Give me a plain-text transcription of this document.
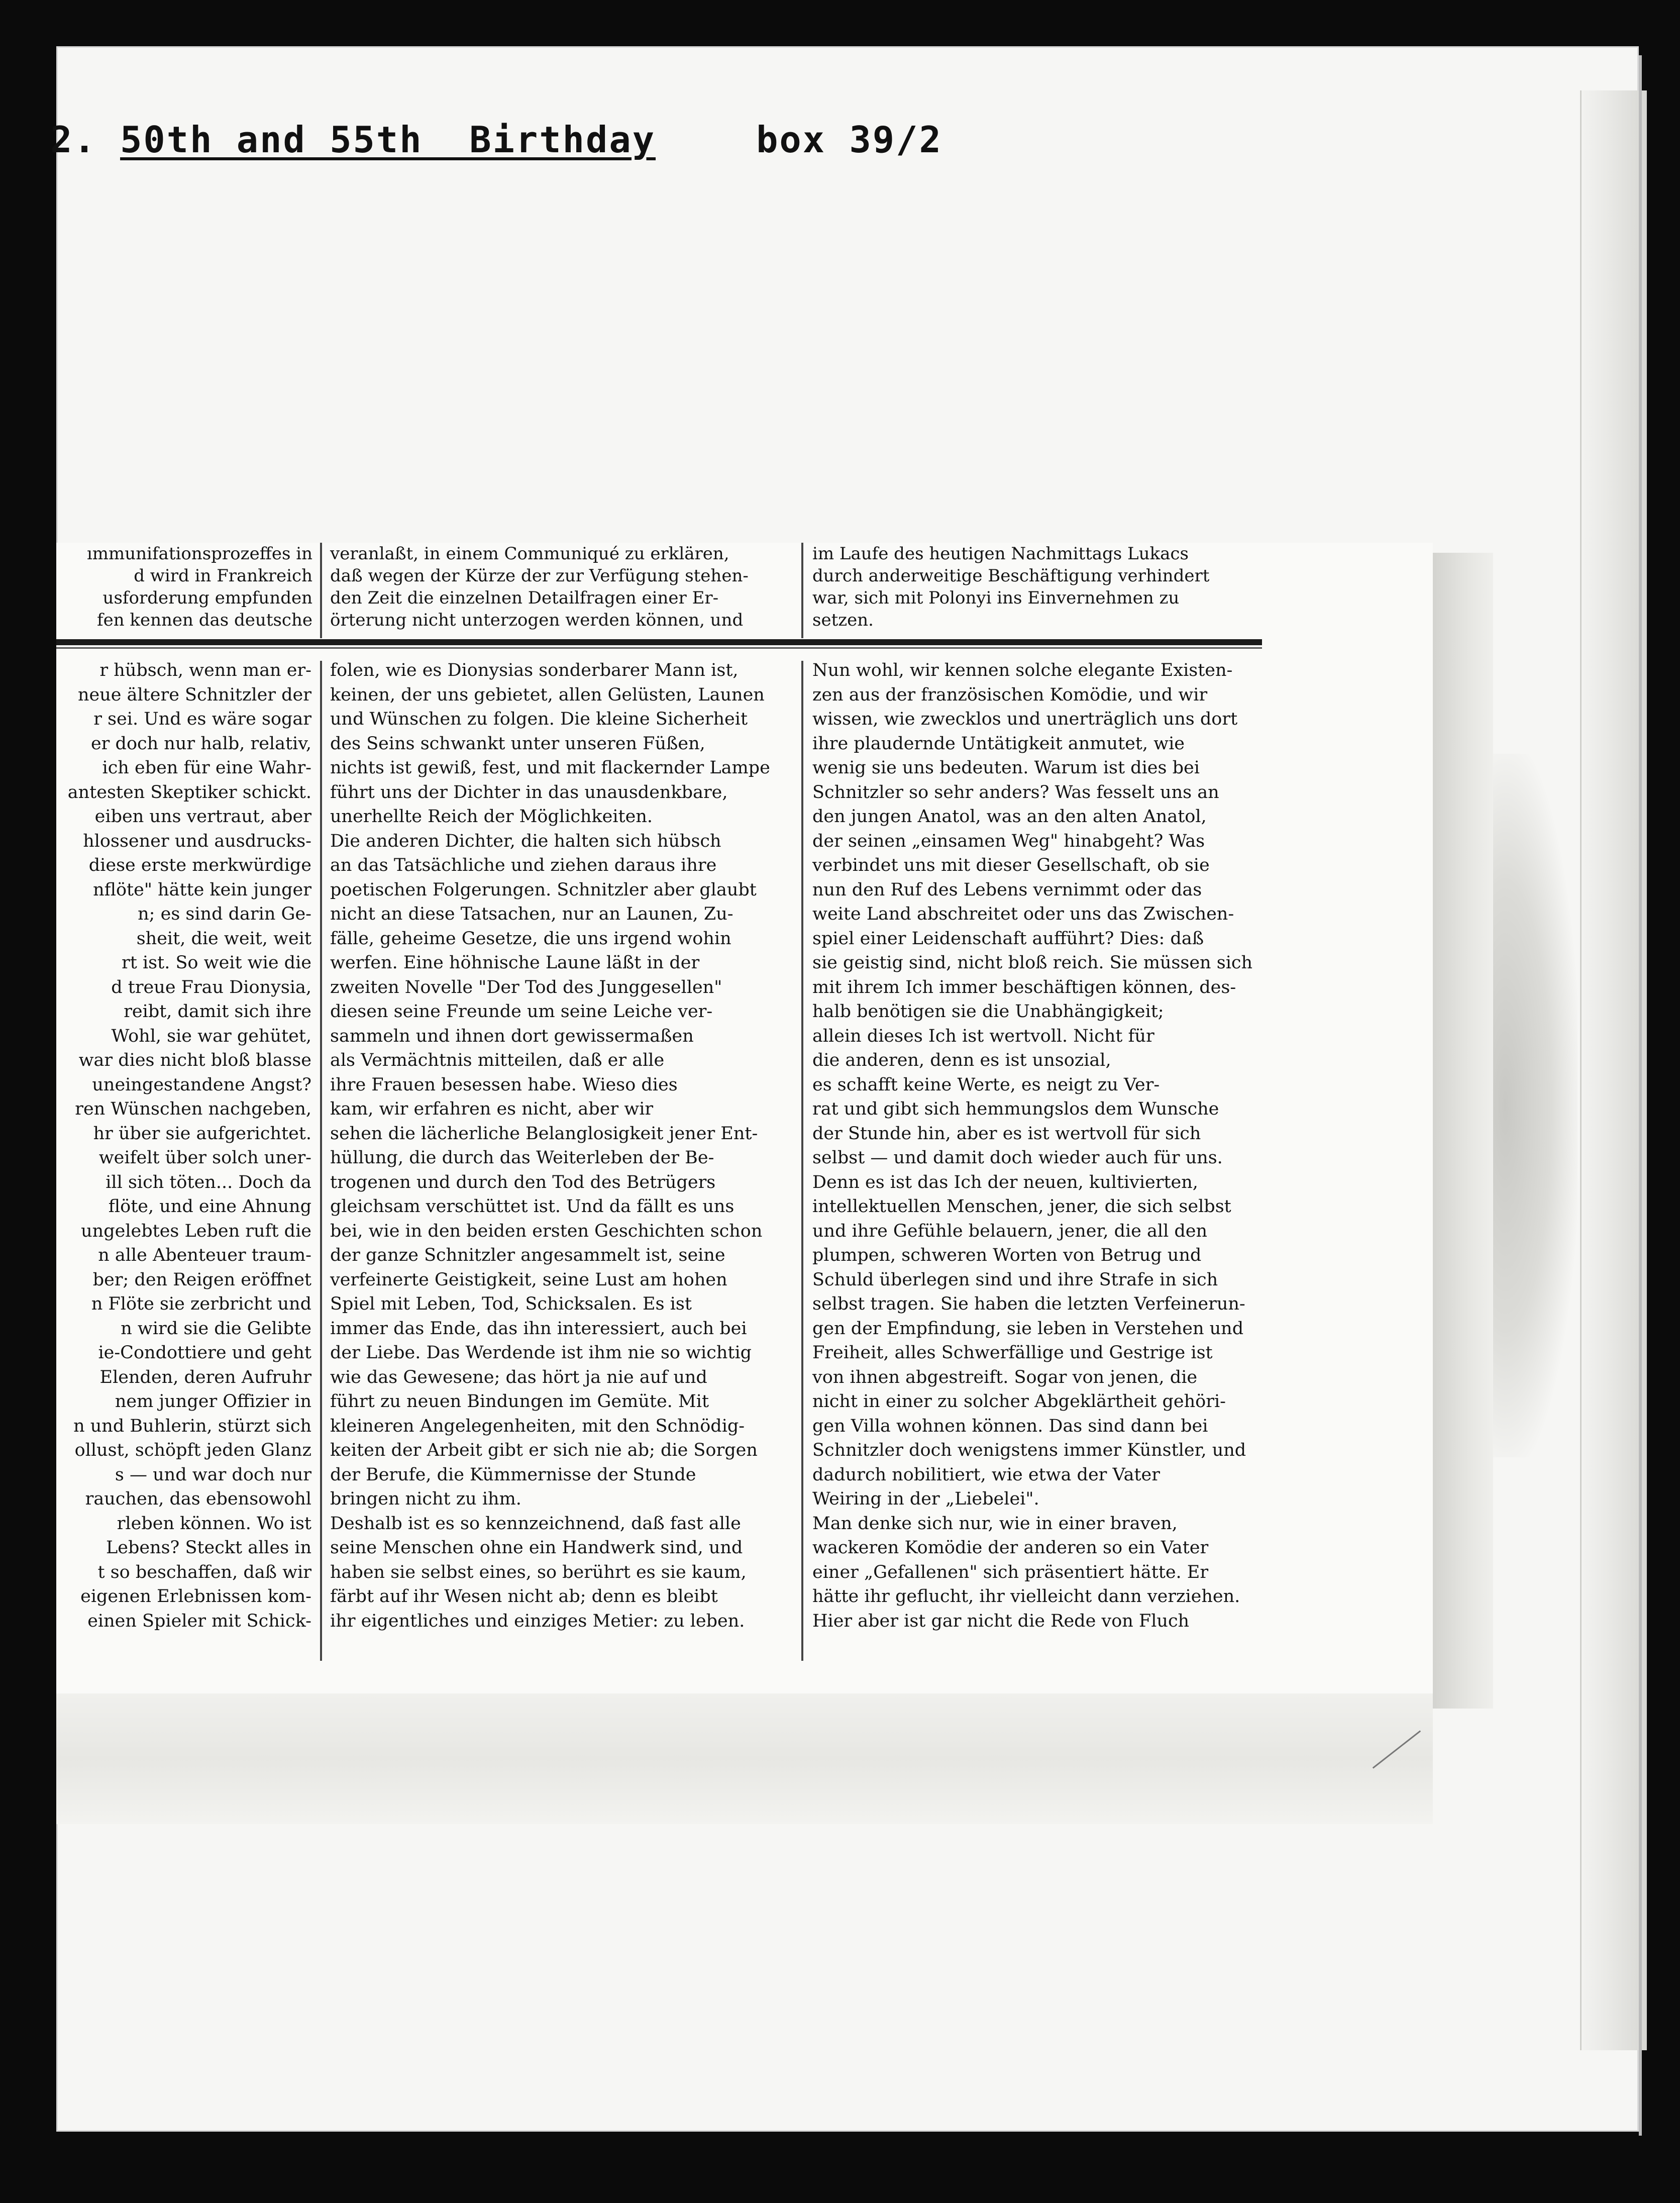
2. 50th and 55th  Birthday	box 39/2
ımmunifationsprozeffes in
d wird in Frankreich
usforderung empfunden
fen kennen das deutsche
veranlaßt, in einem Communiqué zu erklären,
daß wegen der Kürze der zur Verfügung stehen-
den Zeit die einzelnen Detailfragen einer Er-
örterung nicht unterzogen werden können, und
im Laufe des heutigen Nachmittags Lukacs
durch anderweitige Beschäftigung verhindert
war, sich mit Polonyi ins Einvernehmen zu
setzen.
r hübsch, wenn man er-
neue ältere Schnitzler der
r sei. Und es wäre sogar
er doch nur halb, relativ,
ich eben für eine Wahr-
antesten Skeptiker schickt.
eiben uns vertraut, aber
hlossener und ausdrucks-
diese erste merkwürdige
nflöte" hätte kein junger
n; es sind darin Ge-
sheit, die weit, weit
rt ist. So weit wie die
d treue Frau Dionysia,
reibt, damit sich ihre
Wohl, sie war gehütet,
war dies nicht bloß blasse
uneingestandene Angst?
ren Wünschen nachgeben,
hr über sie aufgerichtet.
weifelt über solch uner-
ill sich töten... Doch da
flöte, und eine Ahnung
ungelebtes Leben ruft die
n alle Abenteuer traum-
ber; den Reigen eröffnet
n Flöte sie zerbricht und
n wird sie die Gelibte
ie-Condottiere und geht
Elenden, deren Aufruhr
nem junger Offizier in
n und Buhlerin, stürzt sich
ollust, schöpft jeden Glanz
s — und war doch nur
rauchen, das ebensowohl
rleben können. Wo ist
Lebens? Steckt alles in
t so beschaffen, daß wir
eigenen Erlebnissen kom-
einen Spieler mit Schick-
folen, wie es Dionysias sonderbarer Mann ist,
keinen, der uns gebietet, allen Gelüsten, Launen
und Wünschen zu folgen. Die kleine Sicherheit
des Seins schwankt unter unseren Füßen,
nichts ist gewiß, fest, und mit flackernder Lampe
führt uns der Dichter in das unausdenkbare,
unerhellte Reich der Möglichkeiten.
Die anderen Dichter, die halten sich hübsch
an das Tatsächliche und ziehen daraus ihre
poetischen Folgerungen. Schnitzler aber glaubt
nicht an diese Tatsachen, nur an Launen, Zu-
fälle, geheime Gesetze, die uns irgend wohin
werfen. Eine höhnische Laune läßt in der
zweiten Novelle "Der Tod des Junggesellen"
diesen seine Freunde um seine Leiche ver-
sammeln und ihnen dort gewissermaßen
als Vermächtnis mitteilen, daß er alle
ihre Frauen besessen habe. Wieso dies
kam, wir erfahren es nicht, aber wir
sehen die lächerliche Belanglosigkeit jener Ent-
hüllung, die durch das Weiterleben der Be-
trogenen und durch den Tod des Betrügers
gleichsam verschüttet ist. Und da fällt es uns
bei, wie in den beiden ersten Geschichten schon
der ganze Schnitzler angesammelt ist, seine
verfeinerte Geistigkeit, seine Lust am hohen
Spiel mit Leben, Tod, Schicksalen. Es ist
immer das Ende, das ihn interessiert, auch bei
der Liebe. Das Werdende ist ihm nie so wichtig
wie das Gewesene; das hört ja nie auf und
führt zu neuen Bindungen im Gemüte. Mit
kleineren Angelegenheiten, mit den Schnödig-
keiten der Arbeit gibt er sich nie ab; die Sorgen
der Berufe, die Kümmernisse der Stunde
bringen nicht zu ihm.
Deshalb ist es so kennzeichnend, daß fast alle
seine Menschen ohne ein Handwerk sind, und
haben sie selbst eines, so berührt es sie kaum,
färbt auf ihr Wesen nicht ab; denn es bleibt
ihr eigentliches und einziges Metier: zu leben.
Nun wohl, wir kennen solche elegante Existen-
zen aus der französischen Komödie, und wir
wissen, wie zwecklos und unerträglich uns dort
ihre plaudernde Untätigkeit anmutet, wie
wenig sie uns bedeuten. Warum ist dies bei
Schnitzler so sehr anders? Was fesselt uns an
den jungen Anatol, was an den alten Anatol,
der seinen „einsamen Weg" hinabgeht? Was
verbindet uns mit dieser Gesellschaft, ob sie
nun den Ruf des Lebens vernimmt oder das
weite Land abschreitet oder uns das Zwischen-
spiel einer Leidenschaft aufführt? Dies: daß
sie geistig sind, nicht bloß reich. Sie müssen sich
mit ihrem Ich immer beschäftigen können, des-
halb benötigen sie die Unabhängigkeit;
allein dieses Ich ist wertvoll. Nicht für
die anderen, denn es ist unsozial,
es schafft keine Werte, es neigt zu Ver-
rat und gibt sich hemmungslos dem Wunsche
der Stunde hin, aber es ist wertvoll für sich
selbst — und damit doch wieder auch für uns.
Denn es ist das Ich der neuen, kultivierten,
intellektuellen Menschen, jener, die sich selbst
und ihre Gefühle belauern, jener, die all den
plumpen, schweren Worten von Betrug und
Schuld überlegen sind und ihre Strafe in sich
selbst tragen. Sie haben die letzten Verfeinerun-
gen der Empfindung, sie leben in Verstehen und
Freiheit, alles Schwerfällige und Gestrige ist
von ihnen abgestreift. Sogar von jenen, die
nicht in einer zu solcher Abgeklärtheit gehöri-
gen Villa wohnen können. Das sind dann bei
Schnitzler doch wenigstens immer Künstler, und
dadurch nobilitiert, wie etwa der Vater
Weiring in der „Liebelei".
Man denke sich nur, wie in einer braven,
wackeren Komödie der anderen so ein Vater
einer „Gefallenen" sich präsentiert hätte. Er
hätte ihr geflucht, ihr vielleicht dann verziehen.
Hier aber ist gar nicht die Rede von Fluch
